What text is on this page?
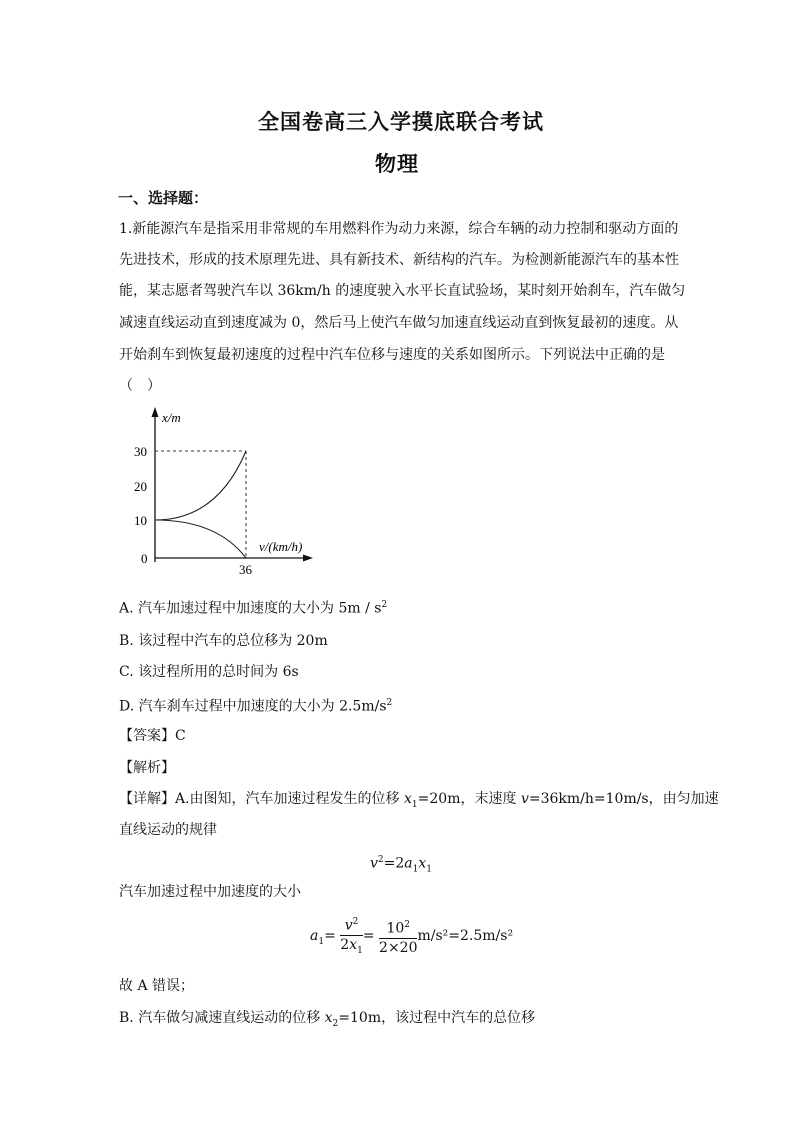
全国卷高三入学摸底联合考试
物理
一、选择题：
1.新能源汽车是指采用非常规的车用燃料作为动力来源，综合车辆的动力控制和驱动方面的
先进技术，形成的技术原理先进、具有新技术、新结构的汽车。为检测新能源汽车的基本性
能，某志愿者驾驶汽车以 36km/h 的速度驶入水平长直试验场，某时刻开始刹车，汽车做匀
减速直线运动直到速度减为 0，然后马上使汽车做匀加速直线运动直到恢复最初的速度。从
开始刹车到恢复最初速度的过程中汽车位移与速度的关系如图所示。下列说法中正确的是
（　）
x/m
v/(km/h)
30
20
10
0
36
A. 汽车加速过程中加速度的大小为 $5m / s^2$
B. 该过程中汽车的总位移为 20m
C. 该过程所用的总时间为 6s
D. 汽车刹车过程中加速度的大小为 $2.5m/s^2$
【答案】C
【解析】
【详解】A.由图知，汽车加速过程发生的位移 $x_1=20m$，末速度 v=36km/h=10m/s，由匀加速
直线运动的规律
$v^2=2a_1x_1$
汽车加速过程中加速度的大小
$a_1= \frac{v^2}{2x_1} = \frac{10^2}{2\times 20} m/s^2=2.5m/s^2$
故 A 错误；
B. 汽车做匀减速直线运动的位移 $x_2=10m$，该过程中汽车的总位移
